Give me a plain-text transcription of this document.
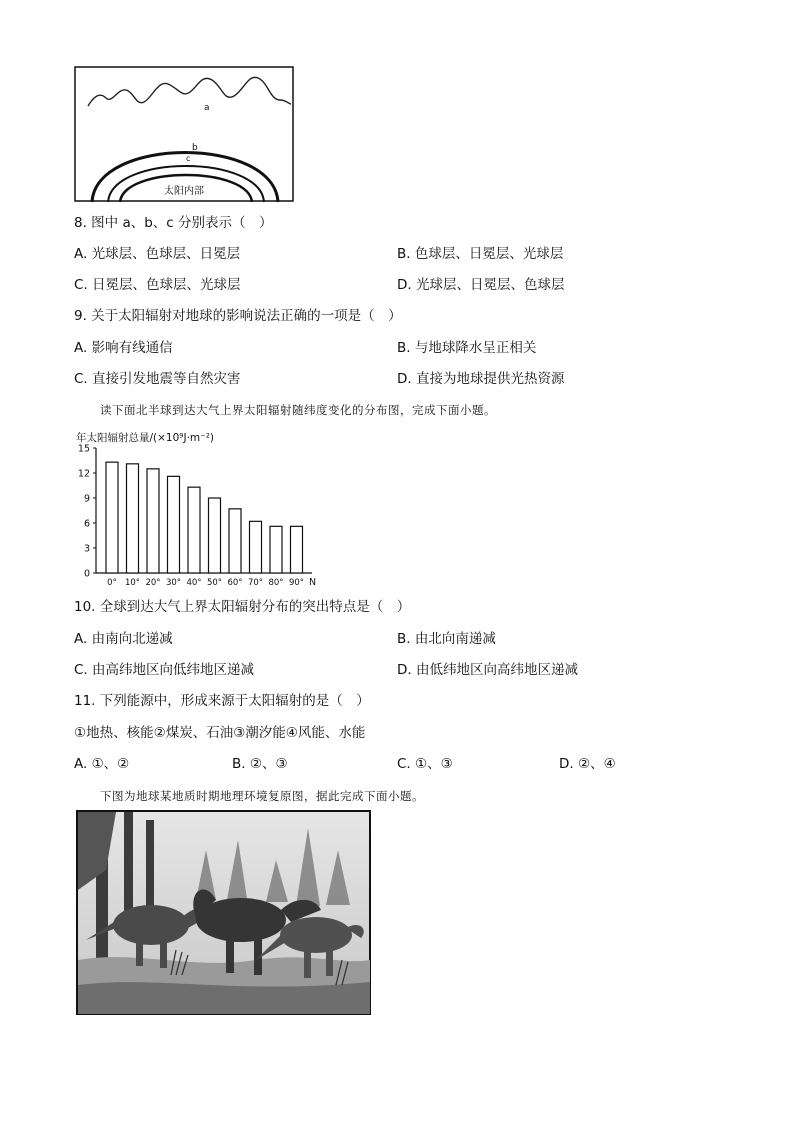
a
b
c
太阳内部
8. 图中 a、b、c 分别表示（　）
A. 光球层、色球层、日冕层	B. 色球层、日冕层、光球层
C. 日冕层、色球层、光球层	D. 光球层、日冕层、色球层
9. 关于太阳辐射对地球的影响说法正确的一项是（　）
A. 影响有线通信	B. 与地球降水呈正相关
C. 直接引发地震等自然灾害	D. 直接为地球提供光热资源
读下面北半球到达大气上界太阳辐射随纬度变化的分布图，完成下面小题。
年太阳辐射总量/(×10⁹J·m⁻²)
0
3
6
9
12
15
0° 10° 20° 30° 40° 50° 60° 70° 80° 90° N
10. 全球到达大气上界太阳辐射分布的突出特点是（　）
A. 由南向北递减	B. 由北向南递减
C. 由高纬地区向低纬地区递减	D. 由低纬地区向高纬地区递减
11. 下列能源中，形成来源于太阳辐射的是（　）
①地热、核能②煤炭、石油③潮汐能④风能、水能
A. ①、②	B. ②、③	C. ①、③	D. ②、④
下图为地球某地质时期地理环境复原图，据此完成下面小题。
